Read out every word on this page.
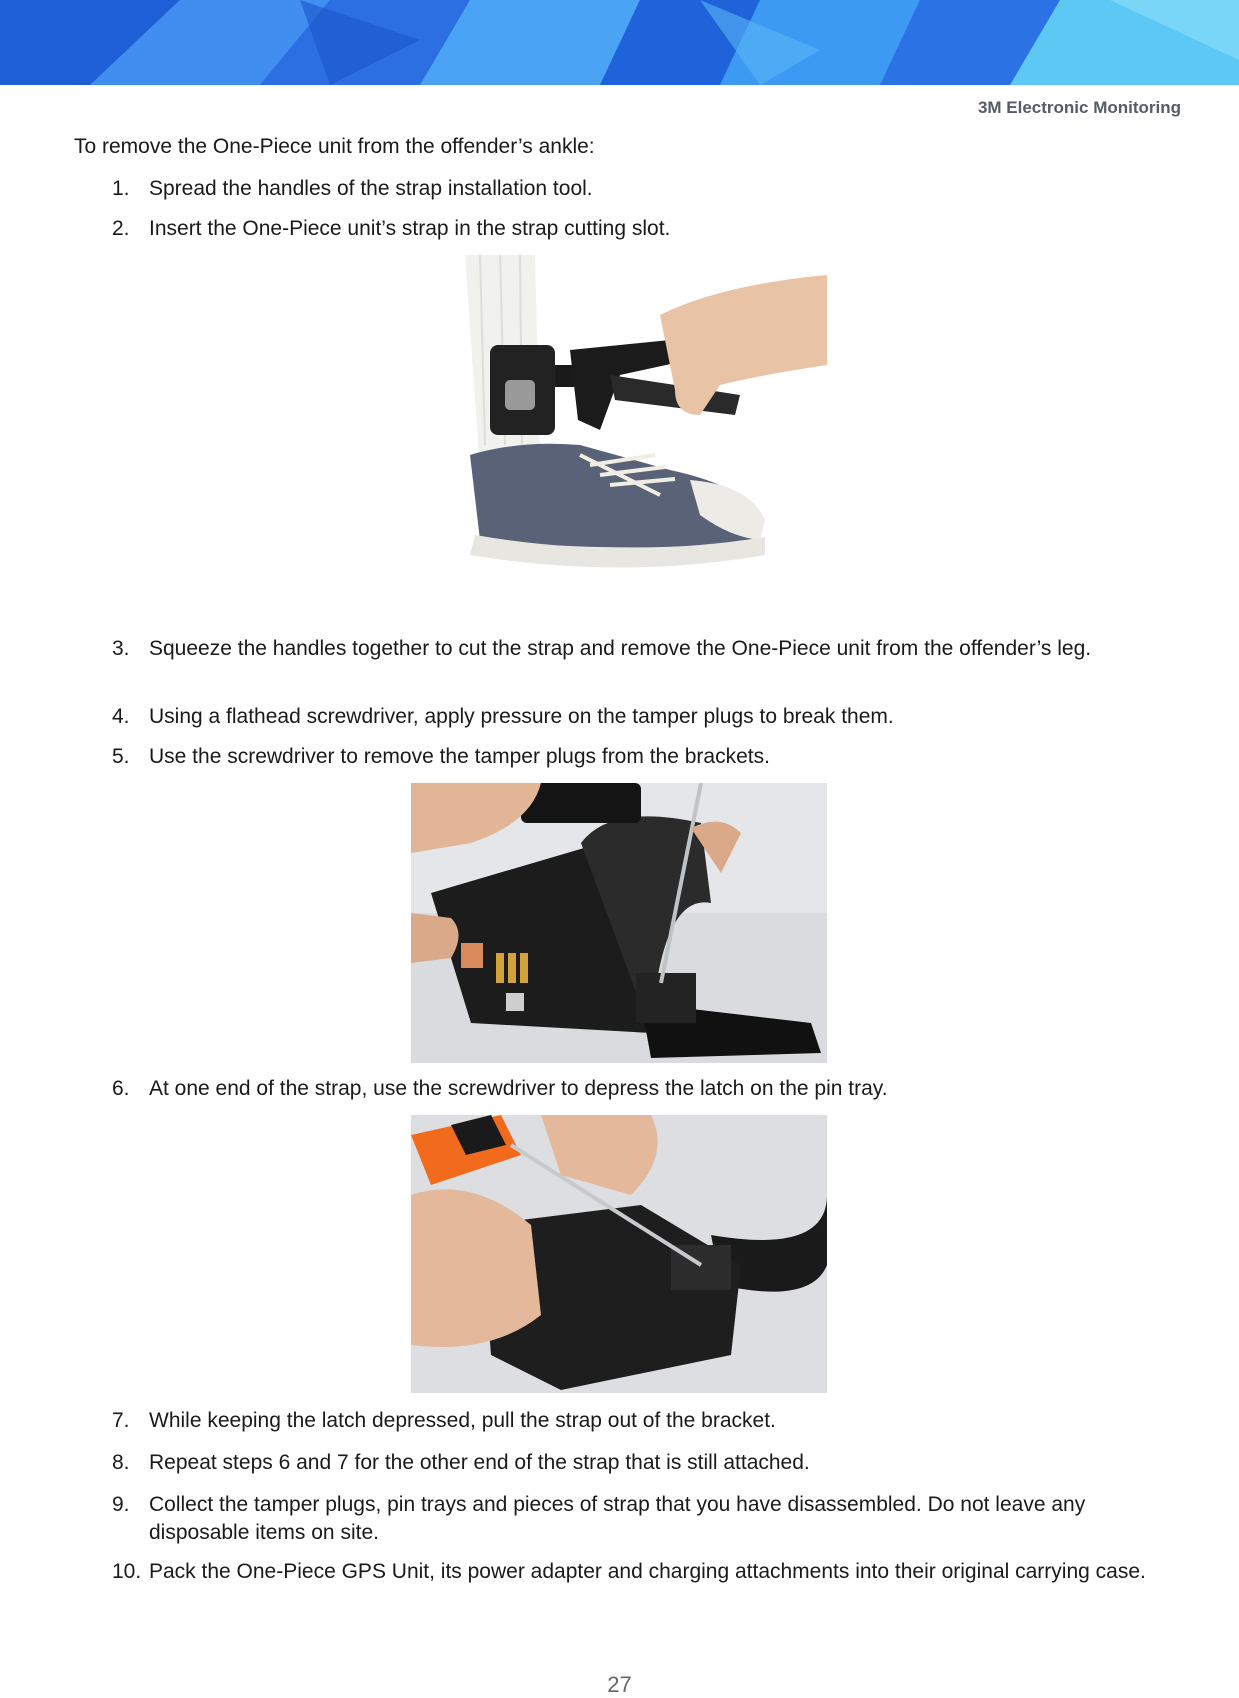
3M Electronic Monitoring
To remove the One-Piece unit from the offender’s ankle:
1. Spread the handles of the strap installation tool.
2. Insert the One-Piece unit’s strap in the strap cutting slot.
3. Squeeze the handles together to cut the strap and remove the One-Piece unit from the offender’s leg.
4. Using a flathead screwdriver, apply pressure on the tamper plugs to break them.
5. Use the screwdriver to remove the tamper plugs from the brackets.
6. At one end of the strap, use the screwdriver to depress the latch on the pin tray.
7. While keeping the latch depressed, pull the strap out of the bracket.
8. Repeat steps 6 and 7 for the other end of the strap that is still attached.
9. Collect the tamper plugs, pin trays and pieces of strap that you have disassembled. Do not leave any disposable items on site.
10. Pack the One-Piece GPS Unit, its power adapter and charging attachments into their original carrying case.
27
